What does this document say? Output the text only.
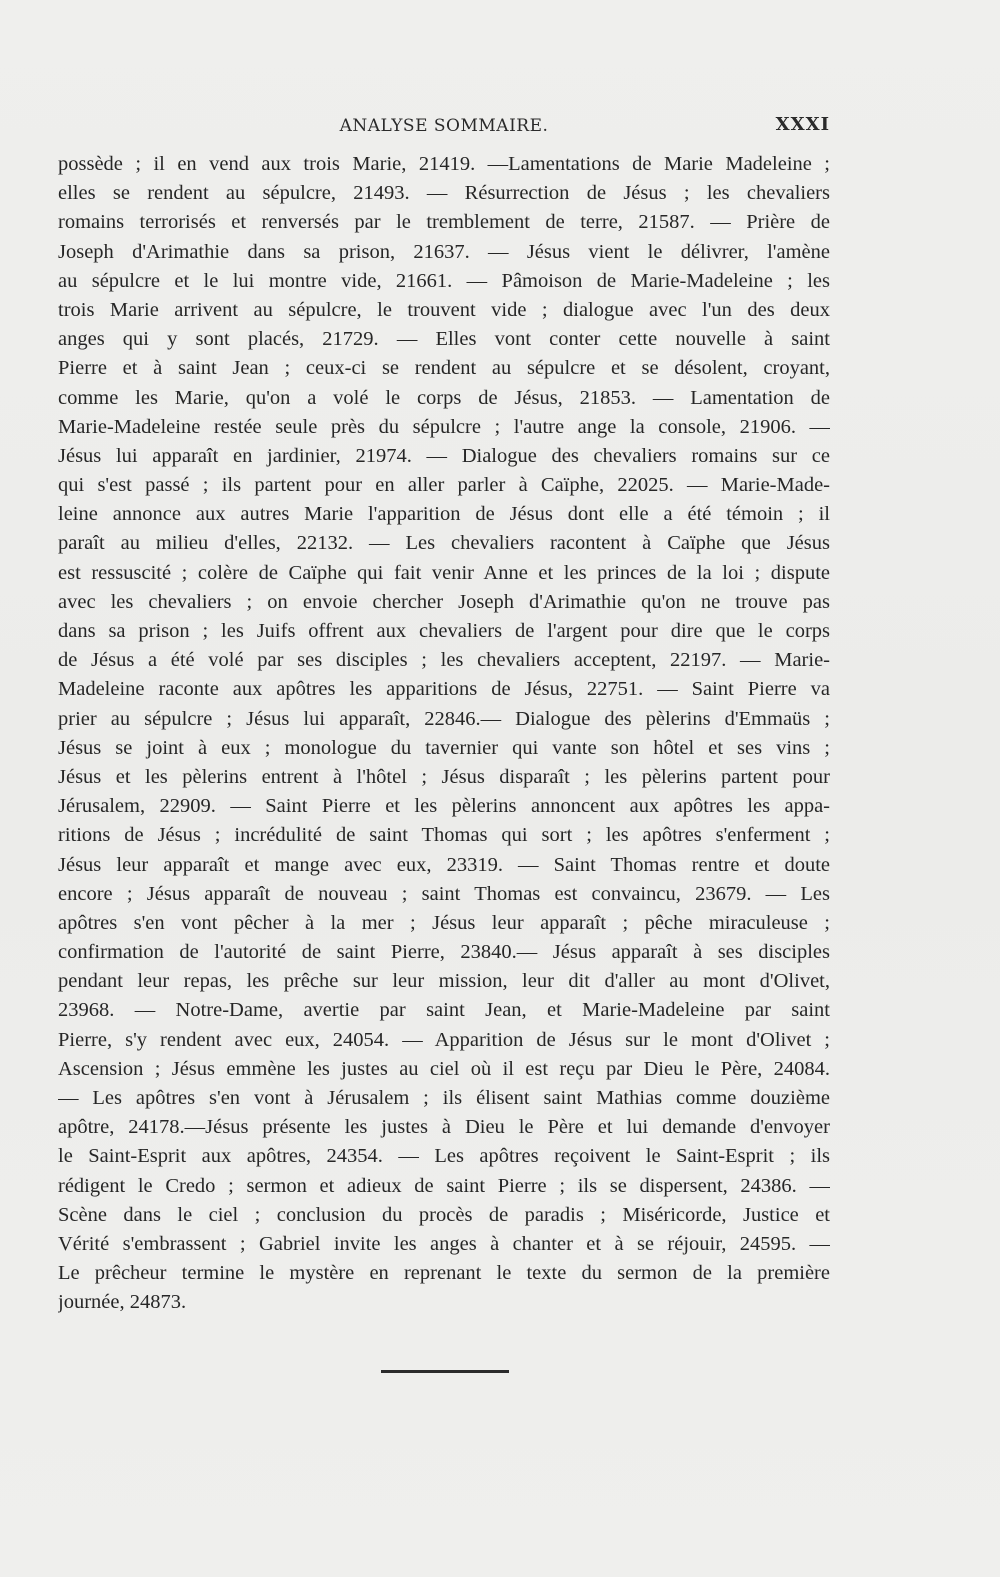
ANALYSE SOMMAIRE.	XXXI
possède ; il en vend aux trois Marie, 21419. —Lamentations de Marie Madeleine ;
elles se rendent au sépulcre, 21493. — Résurrection de Jésus ; les chevaliers
romains terrorisés et renversés par le tremblement de terre, 21587. — Prière de
Joseph d'Arimathie dans sa prison, 21637. — Jésus vient le délivrer, l'amène
au sépulcre et le lui montre vide, 21661. — Pâmoison de Marie-Madeleine ; les
trois Marie arrivent au sépulcre, le trouvent vide ; dialogue avec l'un des deux
anges qui y sont placés, 21729. — Elles vont conter cette nouvelle à saint
Pierre et à saint Jean ; ceux-ci se rendent au sépulcre et se désolent, croyant,
comme les Marie, qu'on a volé le corps de Jésus, 21853. — Lamentation de
Marie-Madeleine restée seule près du sépulcre ; l'autre ange la console, 21906. —
Jésus lui apparaît en jardinier, 21974. — Dialogue des chevaliers romains sur ce
qui s'est passé ; ils partent pour en aller parler à Caïphe, 22025. — Marie-Made-
leine annonce aux autres Marie l'apparition de Jésus dont elle a été témoin ; il
paraît au milieu d'elles, 22132. — Les chevaliers racontent à Caïphe que Jésus
est ressuscité ; colère de Caïphe qui fait venir Anne et les princes de la loi ; dispute
avec les chevaliers ; on envoie chercher Joseph d'Arimathie qu'on ne trouve pas
dans sa prison ; les Juifs offrent aux chevaliers de l'argent pour dire que le corps
de Jésus a été volé par ses disciples ; les chevaliers acceptent, 22197. — Marie-
Madeleine raconte aux apôtres les apparitions de Jésus, 22751. — Saint Pierre va
prier au sépulcre ; Jésus lui apparaît, 22846.— Dialogue des pèlerins d'Emmaüs ;
Jésus se joint à eux ; monologue du tavernier qui vante son hôtel et ses vins ;
Jésus et les pèlerins entrent à l'hôtel ; Jésus disparaît ; les pèlerins partent pour
Jérusalem, 22909. — Saint Pierre et les pèlerins annoncent aux apôtres les appa-
ritions de Jésus ; incrédulité de saint Thomas qui sort ; les apôtres s'enferment ;
Jésus leur apparaît et mange avec eux, 23319. — Saint Thomas rentre et doute
encore ; Jésus apparaît de nouveau ; saint Thomas est convaincu, 23679. — Les
apôtres s'en vont pêcher à la mer ; Jésus leur apparaît ; pêche miraculeuse ;
confirmation de l'autorité de saint Pierre, 23840.— Jésus apparaît à ses disciples
pendant leur repas, les prêche sur leur mission, leur dit d'aller au mont d'Olivet,
23968. — Notre-Dame, avertie par saint Jean, et Marie-Madeleine par saint
Pierre, s'y rendent avec eux, 24054. — Apparition de Jésus sur le mont d'Olivet ;
Ascension ; Jésus emmène les justes au ciel où il est reçu par Dieu le Père, 24084.
— Les apôtres s'en vont à Jérusalem ; ils élisent saint Mathias comme douzième
apôtre, 24178.—Jésus présente les justes à Dieu le Père et lui demande d'envoyer
le Saint-Esprit aux apôtres, 24354. — Les apôtres reçoivent le Saint-Esprit ; ils
rédigent le Credo ; sermon et adieux de saint Pierre ; ils se dispersent, 24386. —
Scène dans le ciel ; conclusion du procès de paradis ; Miséricorde, Justice et
Vérité s'embrassent ; Gabriel invite les anges à chanter et à se réjouir, 24595. —
Le prêcheur termine le mystère en reprenant le texte du sermon de la première
journée, 24873.
